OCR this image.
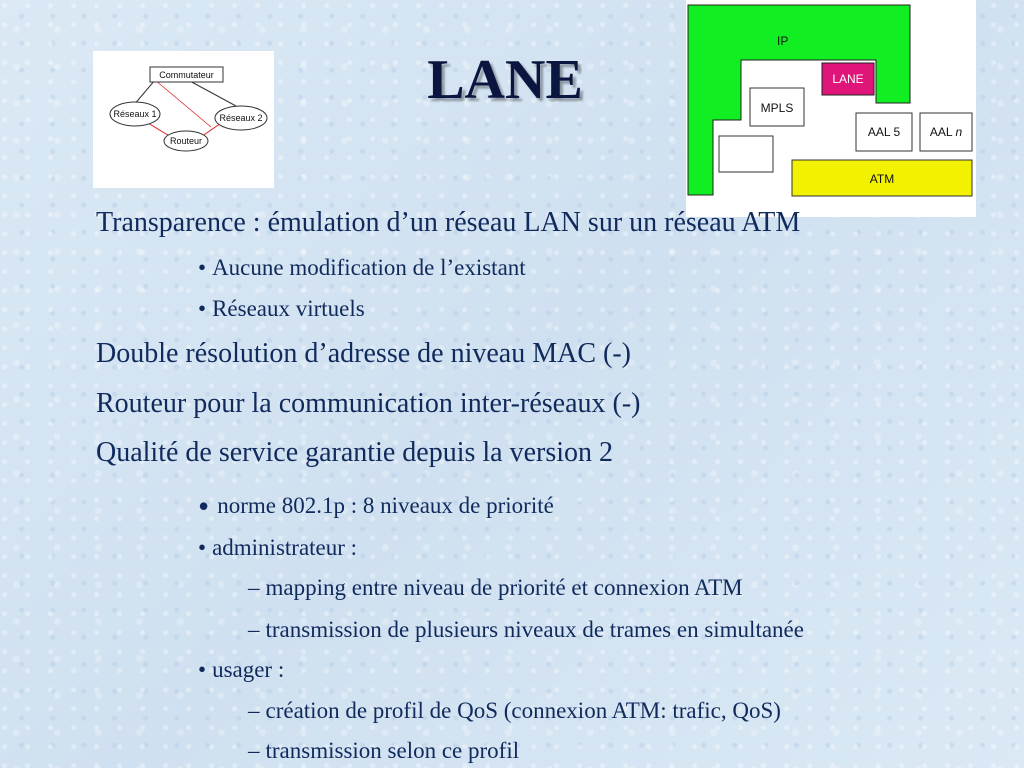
LANE
Commutateur
Réseaux 1	Réseaux 2
Routeur
IP
LANE
MPLS
AAL 5 AAL n
ATM
Transparence : émulation d’un réseau LAN sur un réseau ATM
• Aucune modification de l’existant
• Réseaux virtuels
Double résolution d’adresse de niveau MAC (-)
Routeur pour la communication inter-réseaux (-)
Qualité de service garantie depuis la version 2
• norme 802.1p : 8 niveaux de priorité
• administrateur :
– mapping entre niveau de priorité et connexion ATM
– transmission de plusieurs niveaux de trames en simultanée
• usager :
– création de profil de QoS (connexion ATM: trafic, QoS)
– transmission selon ce profil
